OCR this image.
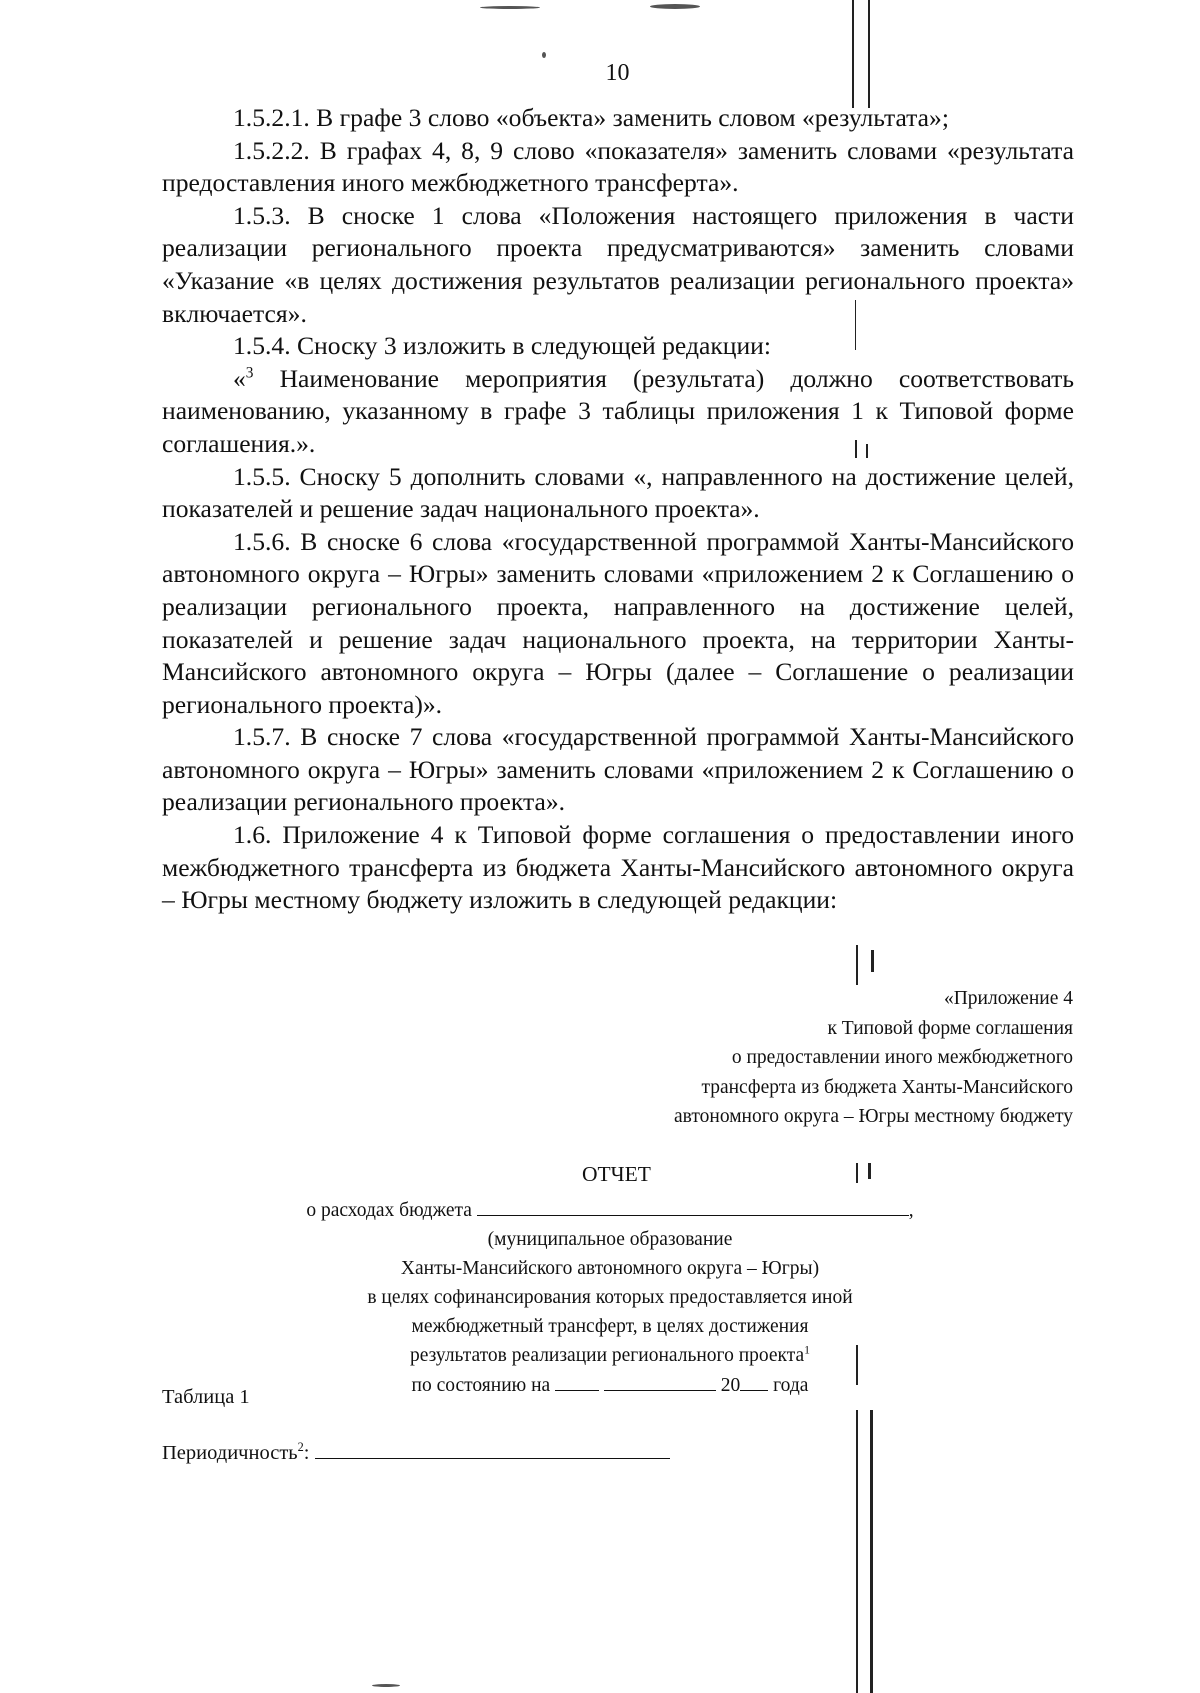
10

1.5.2.1. В графе 3 слово «объекта» заменить словом «результата»;

1.5.2.2. В графах 4, 8, 9 слово «показателя» заменить словами «результата предоставления иного межбюджетного трансферта».

1.5.3. В сноске 1 слова «Положения настоящего приложения в части реализации регионального проекта предусматриваются» заменить словами «Указание «в целях достижения результатов реализации регионального проекта» включается».

1.5.4. Сноску 3 изложить в следующей редакции:

«$^3$ Наименование мероприятия (результата) должно соответствовать наименованию, указанному в графе 3 таблицы приложения 1 к Типовой форме соглашения.».

1.5.5. Сноску 5 дополнить словами «, направленного на достижение целей, показателей и решение задач национального проекта».

1.5.6. В сноске 6 слова «государственной программой Ханты-Мансийского автономного округа – Югры» заменить словами «приложением 2 к Соглашению о реализации регионального проекта, направленного на достижение целей, показателей и решение задач национального проекта, на территории Ханты-Мансийского автономного округа – Югры (далее – Соглашение о реализации регионального проекта)».

1.5.7. В сноске 7 слова «государственной программой Ханты-Мансийского автономного округа – Югры» заменить словами «приложением 2 к Соглашению о реализации регионального проекта».

1.6. Приложение 4 к Типовой форме соглашения о предоставлении иного межбюджетного трансферта из бюджета Ханты-Мансийского автономного округа – Югры местному бюджету изложить в следующей редакции:

«Приложение 4
к Типовой форме соглашения
о предоставлении иного межбюджетного
трансферта из бюджета Ханты-Мансийского
автономного округа – Югры местному бюджету
ОТЧЕТ
о расходах бюджета	,
(муниципальное образование
Ханты-Мансийского автономного округа – Югры)
в целях софинансирования которых предоставляется иной
межбюджетный трансферт, в целях достижения
результатов реализации регионального проекта$^1$
по состоянию на	20 года
Таблица 1
Периодичность$^2$:
